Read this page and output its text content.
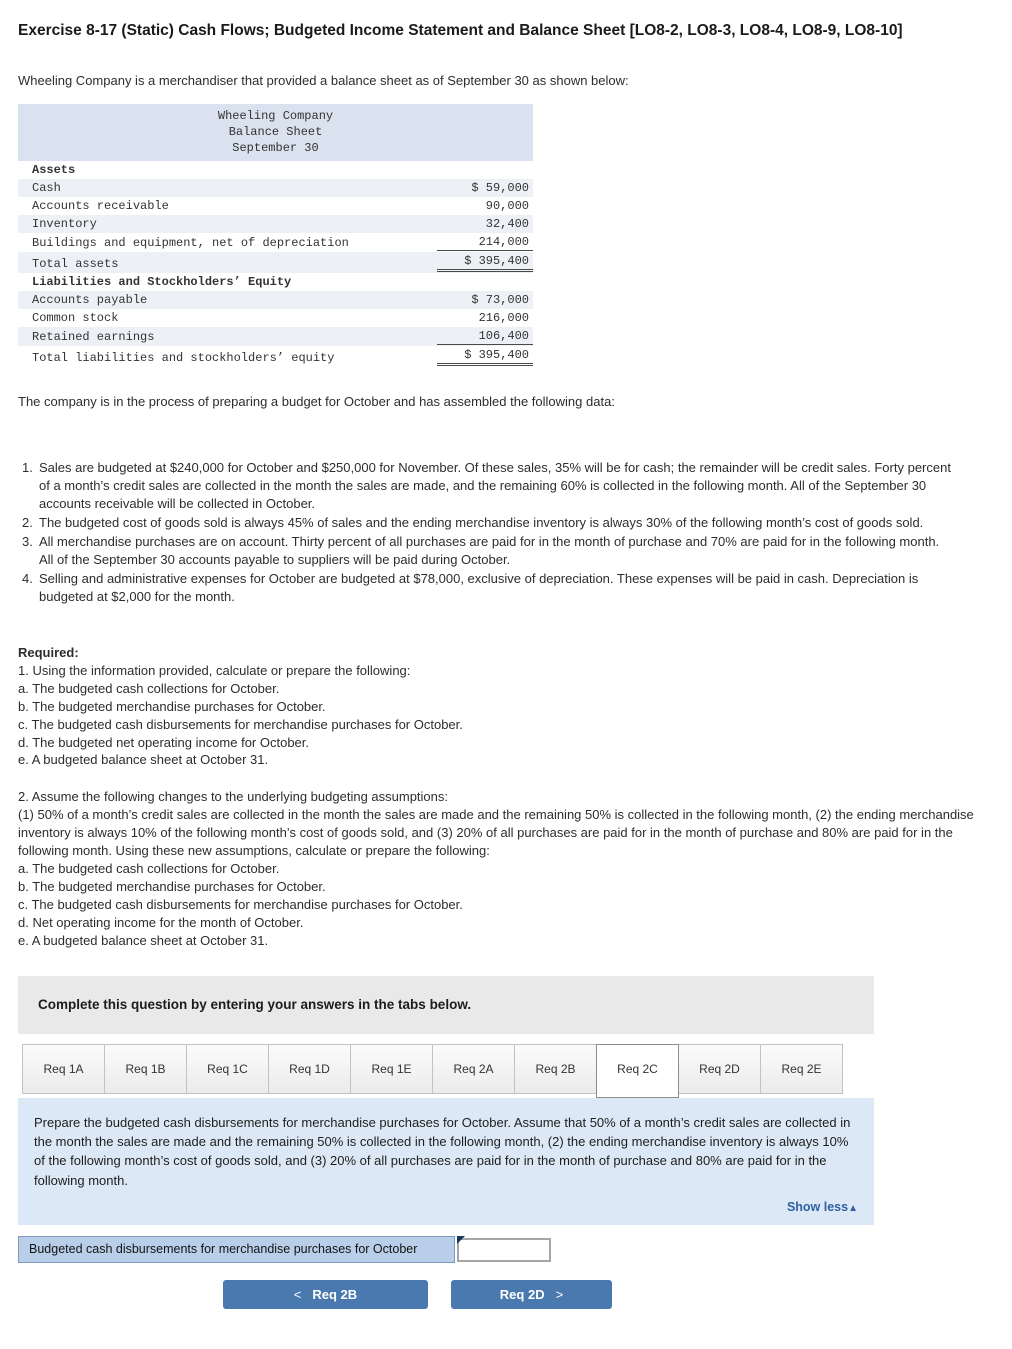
Exercise 8-17 (Static) Cash Flows; Budgeted Income Statement and Balance Sheet [LO8-2, LO8-3, LO8-4, LO8-9, LO8-10]

Wheeling Company is a merchandiser that provided a balance sheet as of September 30 as shown below:

Wheeling Company
Balance Sheet
September 30
Assets
Cash	$ 59,000
Accounts receivable	90,000
Inventory	32,400
Buildings and equipment, net of depreciation	214,000
Total assets	$ 395,400
Liabilities and Stockholders’ Equity
Accounts payable	$ 73,000
Common stock	216,000
Retained earnings	106,400
Total liabilities and stockholders’ equity	$ 395,400

The company is in the process of preparing a budget for October and has assembled the following data:

1. Sales are budgeted at $240,000 for October and $250,000 for November. Of these sales, 35% will be for cash; the remainder will be credit sales. Forty percent of a month’s credit sales are collected in the month the sales are made, and the remaining 60% is collected in the following month. All of the September 30 accounts receivable will be collected in October.
2. The budgeted cost of goods sold is always 45% of sales and the ending merchandise inventory is always 30% of the following month’s cost of goods sold.
3. All merchandise purchases are on account. Thirty percent of all purchases are paid for in the month of purchase and 70% are paid for in the following month. All of the September 30 accounts payable to suppliers will be paid during October.
4. Selling and administrative expenses for October are budgeted at $78,000, exclusive of depreciation. These expenses will be paid in cash. Depreciation is budgeted at $2,000 for the month.

Required:

1. Using the information provided, calculate or prepare the following:

a. The budgeted cash collections for October.

b. The budgeted merchandise purchases for October.

c. The budgeted cash disbursements for merchandise purchases for October.

d. The budgeted net operating income for October.

e. A budgeted balance sheet at October 31.

2. Assume the following changes to the underlying budgeting assumptions:

(1) 50% of a month’s credit sales are collected in the month the sales are made and the remaining 50% is collected in the following month, (2) the ending merchandise inventory is always 10% of the following month’s cost of goods sold, and (3) 20% of all purchases are paid for in the month of purchase and 80% are paid for in the following month. Using these new assumptions, calculate or prepare the following:

a. The budgeted cash collections for October.

b. The budgeted merchandise purchases for October.

c. The budgeted cash disbursements for merchandise purchases for October.

d. Net operating income for the month of October.

e. A budgeted balance sheet at October 31.

Complete this question by entering your answers in the tabs below.
Req 1A	Req 1B	Req 1C	Req 1D	Req 1E	Req 2A	Req 2B	Req 2C	Req 2D	Req 2E
Prepare the budgeted cash disbursements for merchandise purchases for October. Assume that 50% of a month’s credit sales are collected in the month the sales are made and the remaining 50% is collected in the following month, (2) the ending merchandise inventory is always 10% of the following month’s cost of goods sold, and (3) 20% of all purchases are paid for in the month of purchase and 80% are paid for in the following month.
Show less▲
Budgeted cash disbursements for merchandise purchases for October
< Req 2B	Req 2D >
